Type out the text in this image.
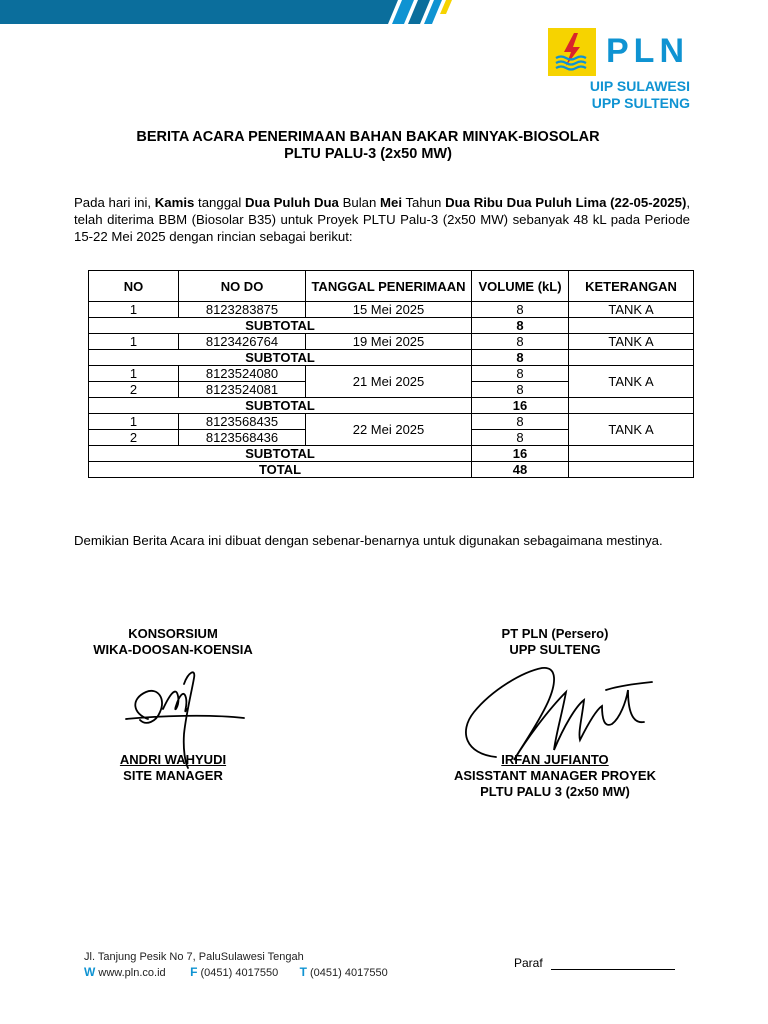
PLN
UIP SULAWESI
UPP SULTENG
BERITA ACARA PENERIMAAN BAHAN BAKAR MINYAK-BIOSOLAR
PLTU PALU-3 (2x50 MW)
Pada hari ini, Kamis tanggal Dua Puluh Dua Bulan Mei Tahun Dua Ribu Dua Puluh Lima (22-05-2025), telah diterima BBM (Biosolar B35) untuk Proyek PLTU Palu-3 (2x50 MW) sebanyak 48 kL pada Periode 15-22 Mei 2025 dengan rincian sebagai berikut:
NO	NO DO	TANGGAL PENERIMAAN	VOLUME (kL)	KETERANGAN
1	8123283875	15 Mei 2025	8	TANK A
SUBTOTAL			8	
1	8123426764	19 Mei 2025	8	TANK A
SUBTOTAL			8	
1	8123524080	21 Mei 2025	8	TANK A
2	8123524081		8	
SUBTOTAL			16	
1	8123568435	22 Mei 2025	8	TANK A
2	8123568436		8	
SUBTOTAL			16	
TOTAL			48	
Demikian Berita Acara ini dibuat dengan sebenar-benarnya untuk digunakan sebagaimana mestinya.
KONSORSIUM
WIKA-DOOSAN-KOENSIA
ANDRI WAHYUDI
SITE MANAGER
PT PLN (Persero)
UPP SULTENG
IRFAN JUFIANTO
ASISSTANT MANAGER PROYEK
PLTU PALU 3 (2x50 MW)
Jl. Tanjung Pesik No 7, PaluSulawesi Tengah
W www.pln.co.id F (0451) 4017550 T (0451) 4017550
Paraf
